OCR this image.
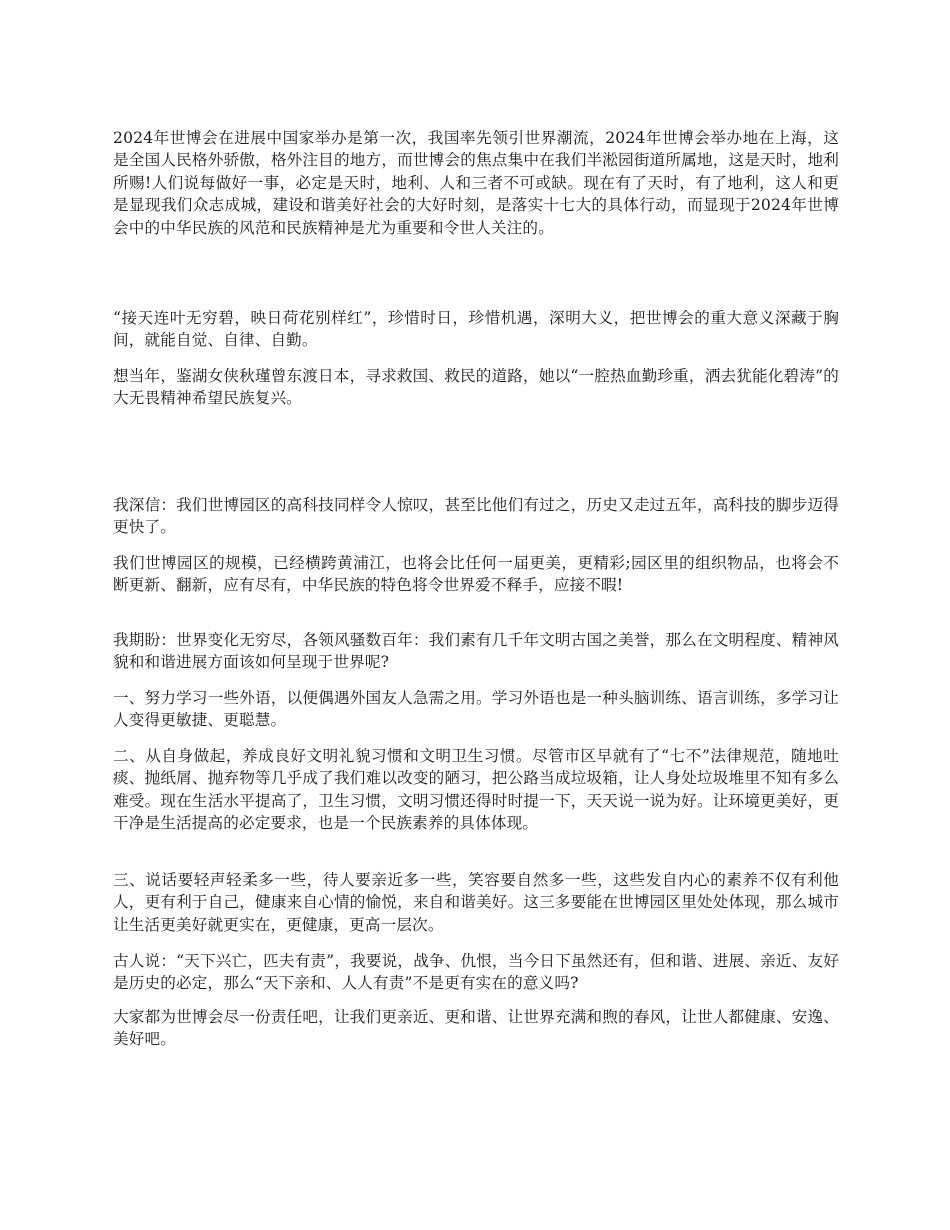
2024年世博会在进展中国家举办是第一次，我国率先领引世界潮流，2024年世博会举办地在上海，这是全国人民格外骄傲，格外注目的地方，而世博会的焦点集中在我们半淞园街道所属地，这是天时，地利所赐!人们说每做好一事，必定是天时，地利、人和三者不可或缺。现在有了天时，有了地利，这人和更是显现我们众志成城，建设和谐美好社会的大好时刻，是落实十七大的具体行动，而显现于2024年世博会中的中华民族的风范和民族精神是尤为重要和令世人关注的。

“接天连叶无穷碧，映日荷花别样红”，珍惜时日，珍惜机遇，深明大义，把世博会的重大意义深藏于胸间，就能自觉、自律、自勤。

想当年，鉴湖女侠秋瑾曾东渡日本，寻求救国、救民的道路，她以“一腔热血勤珍重，洒去犹能化碧涛”的大无畏精神希望民族复兴。

我深信：我们世博园区的高科技同样令人惊叹，甚至比他们有过之，历史又走过五年，高科技的脚步迈得更快了。

我们世博园区的规模，已经横跨黄浦江，也将会比任何一届更美，更精彩;园区里的组织物品，也将会不断更新、翻新，应有尽有，中华民族的特色将令世界爱不释手，应接不暇!

我期盼：世界变化无穷尽，各领风骚数百年：我们素有几千年文明古国之美誉，那么在文明程度、精神风貌和和谐进展方面该如何呈现于世界呢?

一、努力学习一些外语，以便偶遇外国友人急需之用。学习外语也是一种头脑训练、语言训练，多学习让人变得更敏捷、更聪慧。

二、从自身做起，养成良好文明礼貌习惯和文明卫生习惯。尽管市区早就有了“七不”法律规范，随地吐痰、抛纸屑、抛弃物等几乎成了我们难以改变的陋习，把公路当成垃圾箱，让人身处垃圾堆里不知有多么难受。现在生活水平提高了，卫生习惯，文明习惯还得时时提一下，天天说一说为好。让环境更美好，更干净是生活提高的必定要求，也是一个民族素养的具体体现。

三、说话要轻声轻柔多一些，待人要亲近多一些，笑容要自然多一些，这些发自内心的素养不仅有利他人，更有利于自己，健康来自心情的愉悦，来自和谐美好。这三多要能在世博园区里处处体现，那么城市让生活更美好就更实在，更健康，更高一层次。

古人说：“天下兴亡，匹夫有责”，我要说，战争、仇恨，当今日下虽然还有，但和谐、进展、亲近、友好是历史的必定，那么“天下亲和、人人有责”不是更有实在的意义吗?

大家都为世博会尽一份责任吧，让我们更亲近、更和谐、让世界充满和煦的春风，让世人都健康、安逸、美好吧。
